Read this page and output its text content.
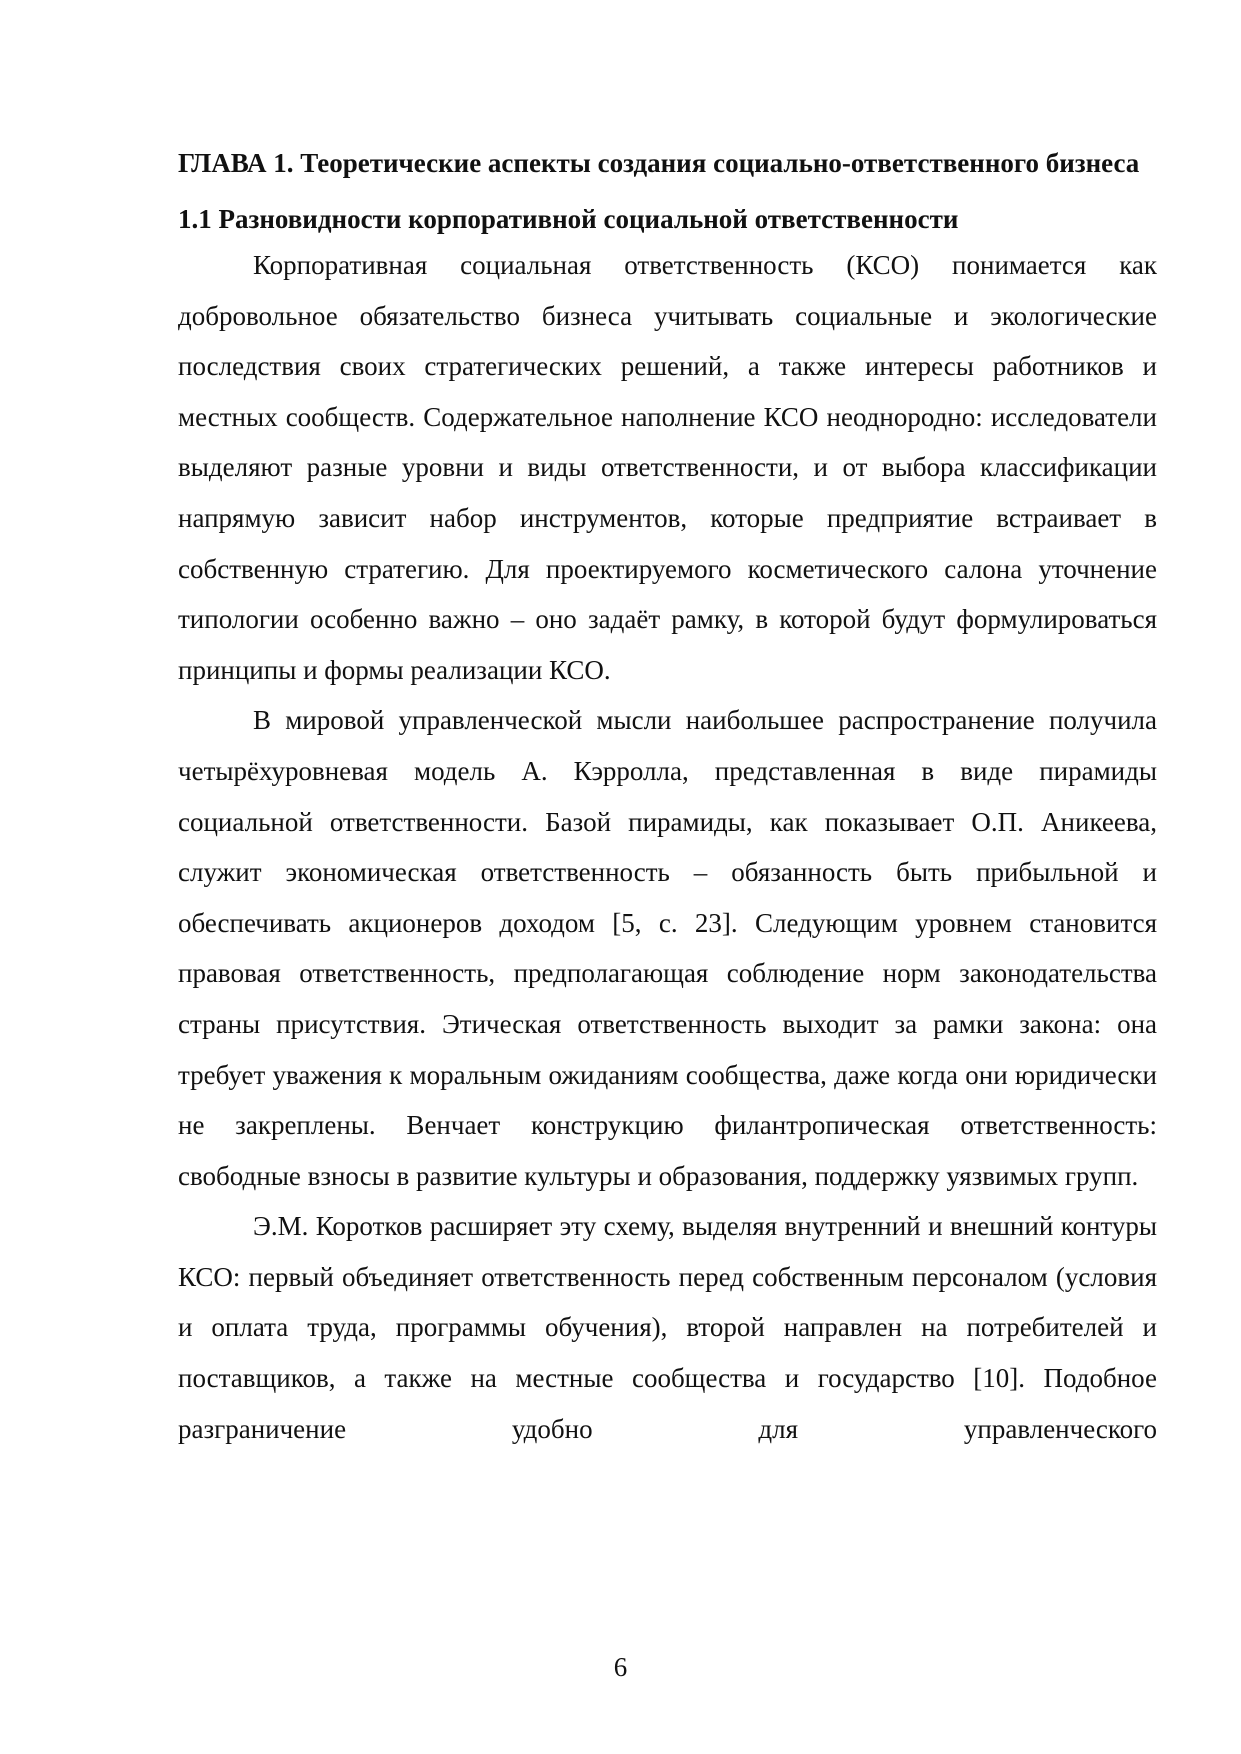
ГЛАВА 1. Теоретические аспекты создания социально-ответственного бизнеса
1.1 Разновидности корпоративной социальной ответственности

Корпоративная социальная ответственность (КСО) понимается как добровольное обязательство бизнеса учитывать социальные и экологические последствия своих стратегических решений, а также интересы работников и местных сообществ. Содержательное наполнение КСО неоднородно: исследователи выделяют разные уровни и виды ответственности, и от выбора классификации напрямую зависит набор инструментов, которые предприятие встраивает в собственную стратегию. Для проектируемого косметического салона уточнение типологии особенно важно – оно задаёт рамку, в которой будут формулироваться принципы и формы реализации КСО.

В мировой управленческой мысли наибольшее распространение получила четырёхуровневая модель А. Кэрролла, представленная в виде пирамиды социальной ответственности. Базой пирамиды, как показывает О.П. Аникеева, служит экономическая ответственность – обязанность быть прибыльной и обеспечивать акционеров доходом [5, с. 23]. Следующим уровнем становится правовая ответственность, предполагающая соблюдение норм законодательства страны присутствия. Этическая ответственность выходит за рамки закона: она требует уважения к моральным ожиданиям сообщества, даже когда они юридически не закреплены. Венчает конструкцию филантропическая ответственность: свободные взносы в развитие культуры и образования, поддержку уязвимых групп.

Э.М. Коротков расширяет эту схему, выделяя внутренний и внешний контуры КСО: первый объединяет ответственность перед собственным персоналом (условия и оплата труда, программы обучения), второй направлен на потребителей и поставщиков, а также на местные сообщества и государство [10]. Подобное разграничение удобно для управленческого

6
